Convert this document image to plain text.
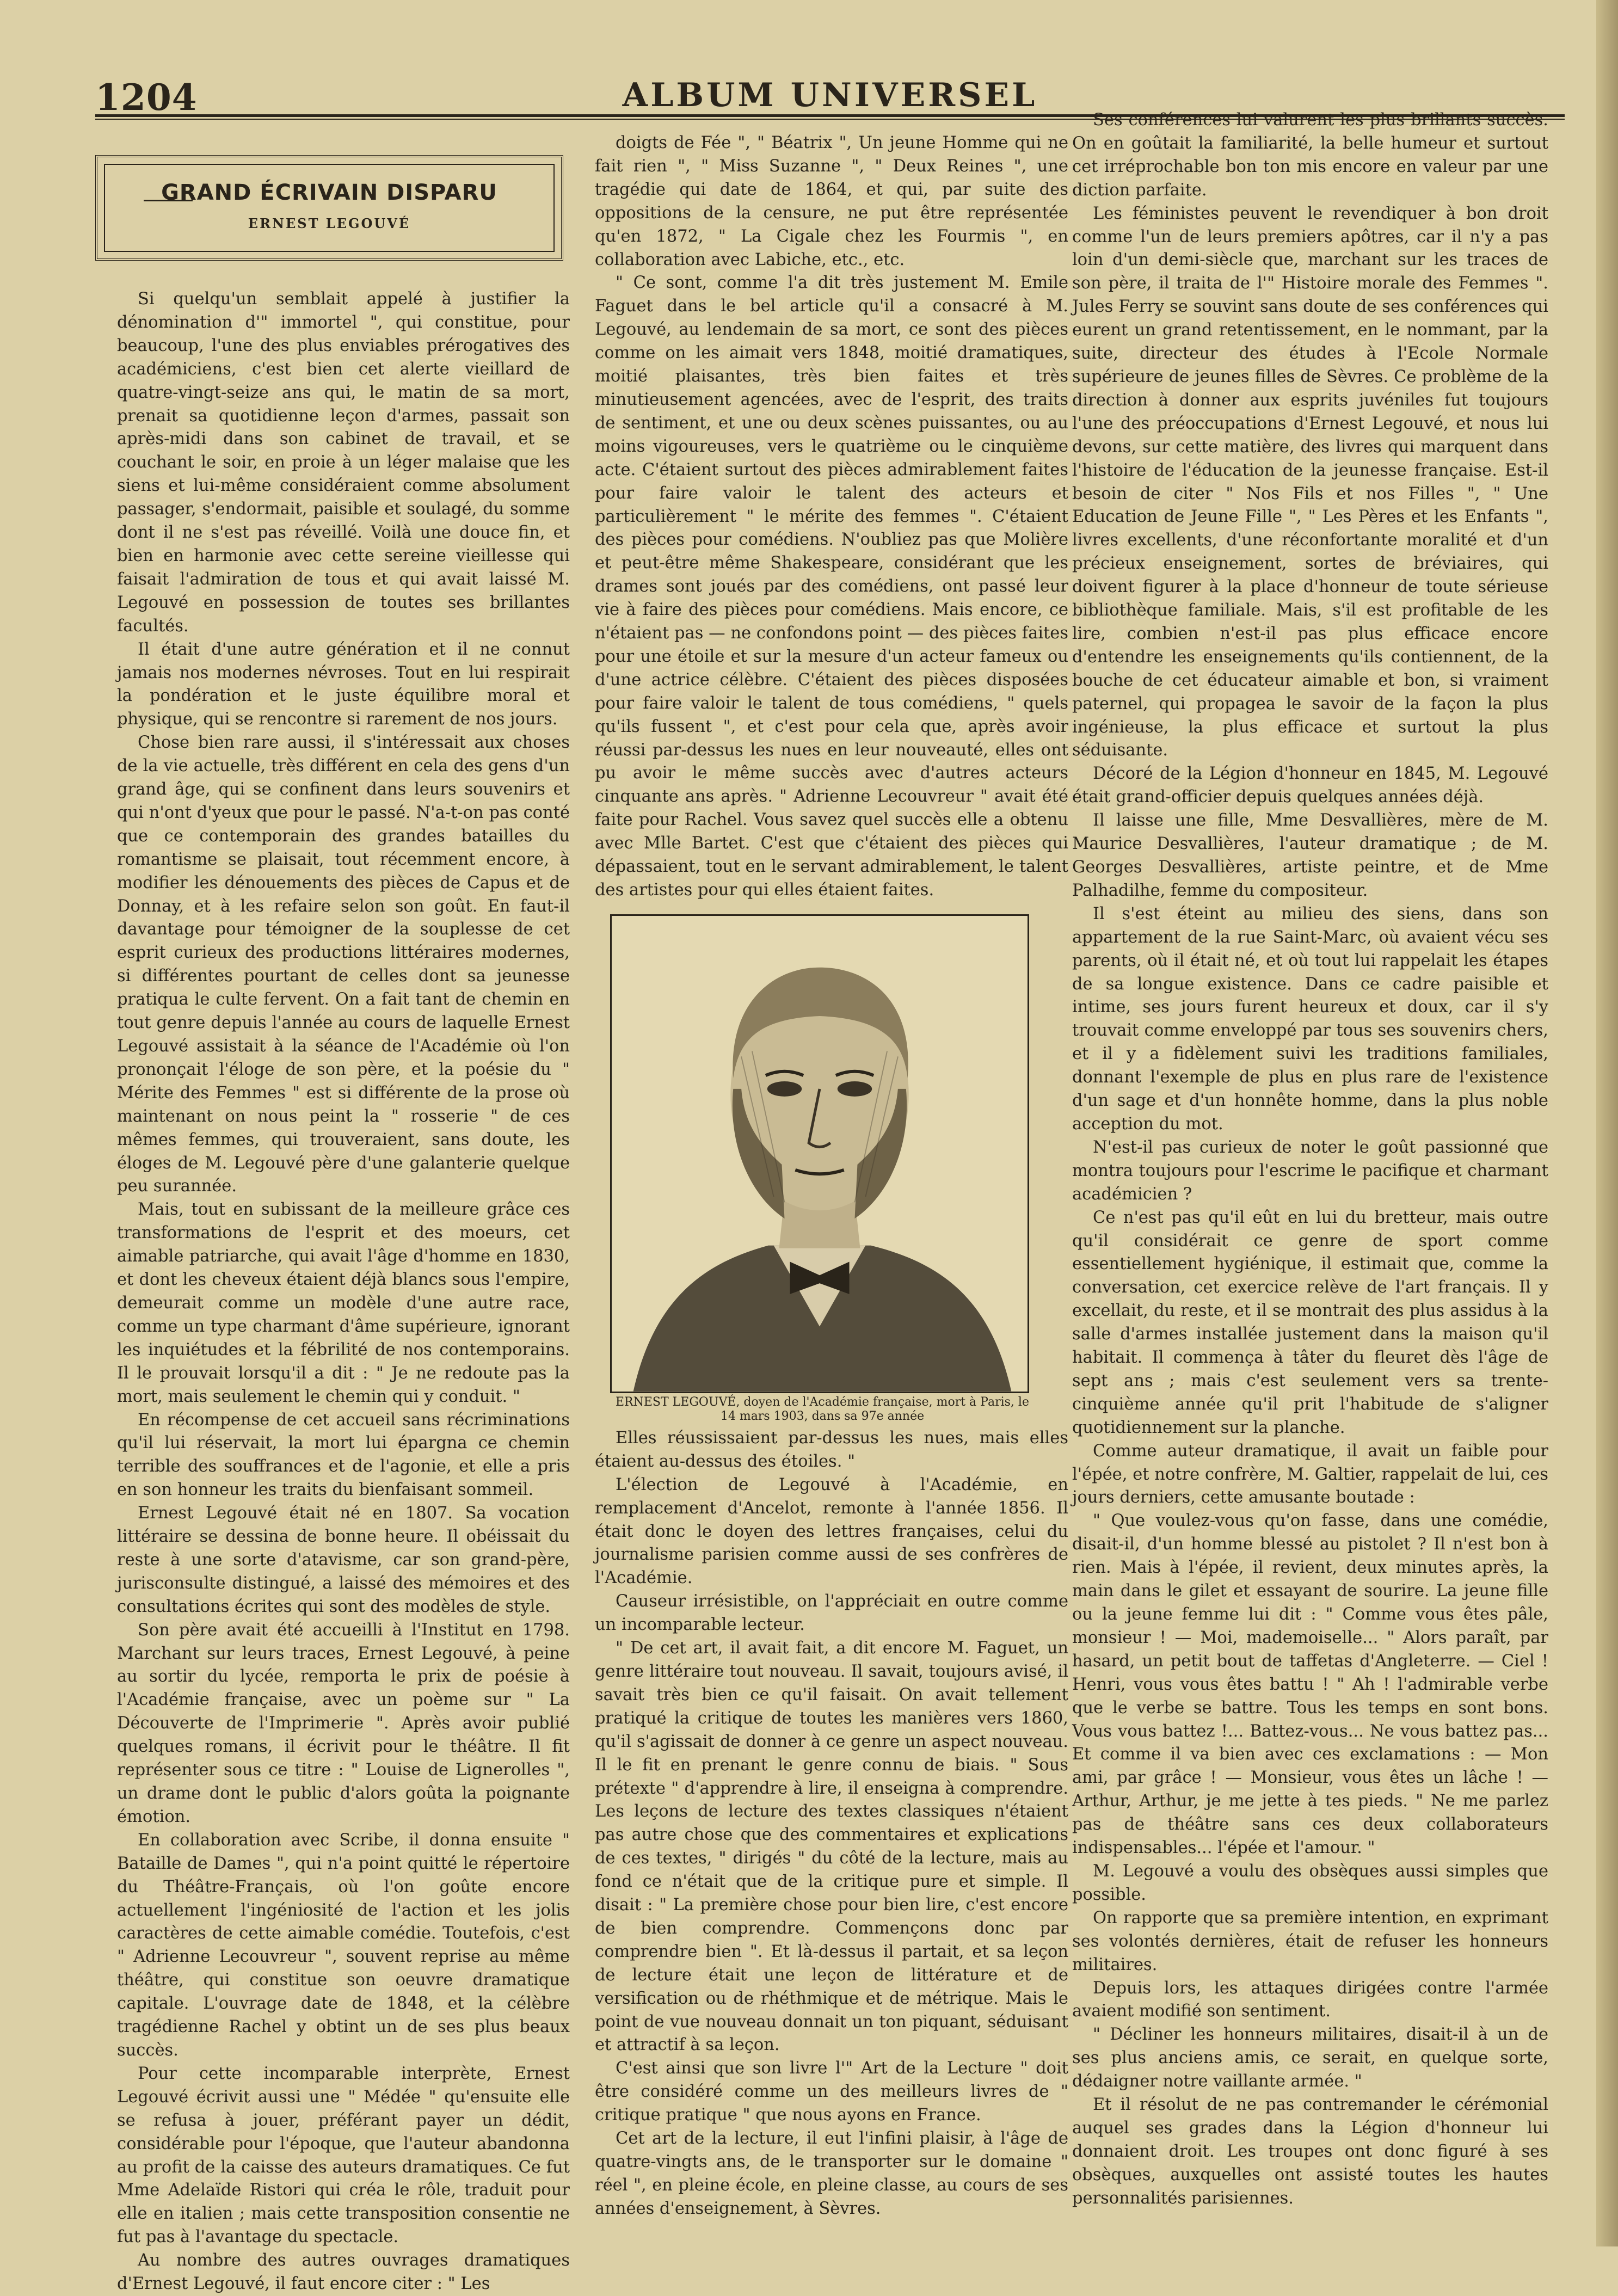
ALBUM UNIVERSEL
1204
GRAND ÉCRIVAIN DISPARU
ERNEST LEGOUVÉ

Si quelqu'un semblait appelé à justifier la dénomination d'" immortel ", qui constitue, pour beaucoup, l'une des plus enviables prérogatives des académiciens, c'est bien cet alerte vieillard de quatre-vingt-seize ans qui, le matin de sa mort, prenait sa quotidienne leçon d'armes, passait son après-midi dans son cabinet de travail, et se couchant le soir, en proie à un léger malaise que les siens et lui-même considéraient comme absolument passager, s'endormait, paisible et soulagé, du somme dont il ne s'est pas réveillé. Voilà une douce fin, et bien en harmonie avec cette sereine vieillesse qui faisait l'admiration de tous et qui avait laissé M. Legouvé en possession de toutes ses brillantes facultés.

Il était d'une autre génération et il ne connut jamais nos modernes névroses. Tout en lui respirait la pondération et le juste équilibre moral et physique, qui se rencontre si rarement de nos jours.

Chose bien rare aussi, il s'intéressait aux choses de la vie actuelle, très différent en cela des gens d'un grand âge, qui se confinent dans leurs souvenirs et qui n'ont d'yeux que pour le passé. N'a-t-on pas conté que ce contemporain des grandes batailles du romantisme se plaisait, tout récemment encore, à modifier les dénouements des pièces de Capus et de Donnay, et à les refaire selon son goût. En faut-il davantage pour témoigner de la souplesse de cet esprit curieux des productions littéraires modernes, si différentes pourtant de celles dont sa jeunesse pratiqua le culte fervent. On a fait tant de chemin en tout genre depuis l'année au cours de laquelle Ernest Legouvé assistait à la séance de l'Académie où l'on prononçait l'éloge de son père, et la poésie du " Mérite des Femmes " est si différente de la prose où maintenant on nous peint la " rosserie " de ces mêmes femmes, qui trouveraient, sans doute, les éloges de M. Legouvé père d'une galanterie quelque peu surannée.

Mais, tout en subissant de la meilleure grâce ces transformations de l'esprit et des moeurs, cet aimable patriarche, qui avait l'âge d'homme en 1830, et dont les cheveux étaient déjà blancs sous l'empire, demeurait comme un modèle d'une autre race, comme un type charmant d'âme supérieure, ignorant les inquiétudes et la fébrilité de nos contemporains. Il le prouvait lorsqu'il a dit : " Je ne redoute pas la mort, mais seulement le chemin qui y conduit. "

En récompense de cet accueil sans récriminations qu'il lui réservait, la mort lui épargna ce chemin terrible des souffrances et de l'agonie, et elle a pris en son honneur les traits du bienfaisant sommeil.

Ernest Legouvé était né en 1807. Sa vocation littéraire se dessina de bonne heure. Il obéissait du reste à une sorte d'atavisme, car son grand-père, jurisconsulte distingué, a laissé des mémoires et des consultations écrites qui sont des modèles de style.

Son père avait été accueilli à l'Institut en 1798. Marchant sur leurs traces, Ernest Legouvé, à peine au sortir du lycée, remporta le prix de poésie à l'Académie française, avec un poème sur " La Découverte de l'Imprimerie ". Après avoir publié quelques romans, il écrivit pour le théâtre. Il fit représenter sous ce titre : " Louise de Lignerolles ", un drame dont le public d'alors goûta la poignante émotion.

En collaboration avec Scribe, il donna ensuite " Bataille de Dames ", qui n'a point quitté le répertoire du Théâtre-Français, où l'on goûte encore actuellement l'ingéniosité de l'action et les jolis caractères de cette aimable comédie. Toutefois, c'est " Adrienne Lecouvreur ", souvent reprise au même théâtre, qui constitue son oeuvre dramatique capitale. L'ouvrage date de 1848, et la célèbre tragédienne Rachel y obtint un de ses plus beaux succès.

Pour cette incomparable interprète, Ernest Legouvé écrivit aussi une " Médée " qu'ensuite elle se refusa à jouer, préférant payer un dédit, considérable pour l'époque, que l'auteur abandonna au profit de la caisse des auteurs dramatiques. Ce fut Mme Adelaïde Ristori qui créa le rôle, traduit pour elle en italien ; mais cette transposition consentie ne fut pas à l'avantage du spectacle.

Au nombre des autres ouvrages dramatiques d'Ernest Legouvé, il faut encore citer : " Les

doigts de Fée ", " Béatrix ", Un jeune Homme qui ne fait rien ", " Miss Suzanne ", " Deux Reines ", une tragédie qui date de 1864, et qui, par suite des oppositions de la censure, ne put être représentée qu'en 1872, " La Cigale chez les Fourmis ", en collaboration avec Labiche, etc., etc.

" Ce sont, comme l'a dit très justement M. Emile Faguet dans le bel article qu'il a consacré à M. Legouvé, au lendemain de sa mort, ce sont des pièces comme on les aimait vers 1848, moitié dramatiques, moitié plaisantes, très bien faites et très minutieusement agencées, avec de l'esprit, des traits de sentiment, et une ou deux scènes puissantes, ou au moins vigoureuses, vers le quatrième ou le cinquième acte. C'étaient surtout des pièces admirablement faites pour faire valoir le talent des acteurs et particulièrement " le mérite des femmes ". C'étaient des pièces pour comédiens. N'oubliez pas que Molière et peut-être même Shakespeare, considérant que les drames sont joués par des comédiens, ont passé leur vie à faire des pièces pour comédiens. Mais encore, ce n'étaient pas — ne confondons point — des pièces faites pour une étoile et sur la mesure d'un acteur fameux ou d'une actrice célèbre. C'étaient des pièces disposées pour faire valoir le talent de tous comédiens, " quels qu'ils fussent ", et c'est pour cela que, après avoir réussi par-dessus les nues en leur nouveauté, elles ont pu avoir le même succès avec d'autres acteurs cinquante ans après. " Adrienne Lecouvreur " avait été faite pour Rachel. Vous savez quel succès elle a obtenu avec Mlle Bartet. C'est que c'étaient des pièces qui dépassaient, tout en le servant admirablement, le talent des artistes pour qui elles étaient faites.

ERNEST LEGOUVÉ, doyen de l'Académie française, mort à Paris, le 14 mars 1903, dans sa 97e année

Elles réussissaient par-dessus les nues, mais elles étaient au-dessus des étoiles. "

L'élection de Legouvé à l'Académie, en remplacement d'Ancelot, remonte à l'année 1856. Il était donc le doyen des lettres françaises, celui du journalisme parisien comme aussi de ses confrères de l'Académie.

Causeur irrésistible, on l'appréciait en outre comme un incomparable lecteur.

" De cet art, il avait fait, a dit encore M. Faguet, un genre littéraire tout nouveau. Il savait, toujours avisé, il savait très bien ce qu'il faisait. On avait tellement pratiqué la critique de toutes les manières vers 1860, qu'il s'agissait de donner à ce genre un aspect nouveau. Il le fit en prenant le genre connu de biais. " Sous prétexte " d'apprendre à lire, il enseigna à comprendre. Les leçons de lecture des textes classiques n'étaient pas autre chose que des commentaires et explications de ces textes, " dirigés " du côté de la lecture, mais au fond ce n'était que de la critique pure et simple. Il disait : " La première chose pour bien lire, c'est encore de bien comprendre. Commençons donc par comprendre bien ". Et là-dessus il partait, et sa leçon de lecture était une leçon de littérature et de versification ou de rhéthmique et de métrique. Mais le point de vue nouveau donnait un ton piquant, séduisant et attractif à sa leçon.

C'est ainsi que son livre l'" Art de la Lecture " doit être considéré comme un des meilleurs livres de " critique pratique " que nous ayons en France.

Cet art de la lecture, il eut l'infini plaisir, à l'âge de quatre-vingts ans, de le transporter sur le domaine " réel ", en pleine école, en pleine classe, au cours de ses années d'enseignement, à Sèvres.

Ses conférences lui valurent les plus brillants succès. On en goûtait la familiarité, la belle humeur et surtout cet irréprochable bon ton mis encore en valeur par une diction parfaite.

Les féministes peuvent le revendiquer à bon droit comme l'un de leurs premiers apôtres, car il n'y a pas loin d'un demi-siècle que, marchant sur les traces de son père, il traita de l'" Histoire morale des Femmes ". Jules Ferry se souvint sans doute de ses conférences qui eurent un grand retentissement, en le nommant, par la suite, directeur des études à l'Ecole Normale supérieure de jeunes filles de Sèvres. Ce problème de la direction à donner aux esprits juvéniles fut toujours l'une des préoccupations d'Ernest Legouvé, et nous lui devons, sur cette matière, des livres qui marquent dans l'histoire de l'éducation de la jeunesse française. Est-il besoin de citer " Nos Fils et nos Filles ", " Une Education de Jeune Fille ", " Les Pères et les Enfants ", livres excellents, d'une réconfortante moralité et d'un précieux enseignement, sortes de bréviaires, qui doivent figurer à la place d'honneur de toute sérieuse bibliothèque familiale. Mais, s'il est profitable de les lire, combien n'est-il pas plus efficace encore d'entendre les enseignements qu'ils contiennent, de la bouche de cet éducateur aimable et bon, si vraiment paternel, qui propagea le savoir de la façon la plus ingénieuse, la plus efficace et surtout la plus séduisante.

Décoré de la Légion d'honneur en 1845, M. Legouvé était grand-officier depuis quelques années déjà.

Il laisse une fille, Mme Desvallières, mère de M. Maurice Desvallières, l'auteur dramatique ; de M. Georges Desvallières, artiste peintre, et de Mme Palhadilhe, femme du compositeur.

Il s'est éteint au milieu des siens, dans son appartement de la rue Saint-Marc, où avaient vécu ses parents, où il était né, et où tout lui rappelait les étapes de sa longue existence. Dans ce cadre paisible et intime, ses jours furent heureux et doux, car il s'y trouvait comme enveloppé par tous ses souvenirs chers, et il y a fidèlement suivi les traditions familiales, donnant l'exemple de plus en plus rare de l'existence d'un sage et d'un honnête homme, dans la plus noble acception du mot.

N'est-il pas curieux de noter le goût passionné que montra toujours pour l'escrime le pacifique et charmant académicien ?

Ce n'est pas qu'il eût en lui du bretteur, mais outre qu'il considérait ce genre de sport comme essentiellement hygiénique, il estimait que, comme la conversation, cet exercice relève de l'art français. Il y excellait, du reste, et il se montrait des plus assidus à la salle d'armes installée justement dans la maison qu'il habitait. Il commença à tâter du fleuret dès l'âge de sept ans ; mais c'est seulement vers sa trente-cinquième année qu'il prit l'habitude de s'aligner quotidiennement sur la planche.

Comme auteur dramatique, il avait un faible pour l'épée, et notre confrère, M. Galtier, rappelait de lui, ces jours derniers, cette amusante boutade :

" Que voulez-vous qu'on fasse, dans une comédie, disait-il, d'un homme blessé au pistolet ? Il n'est bon à rien. Mais à l'épée, il revient, deux minutes après, la main dans le gilet et essayant de sourire. La jeune fille ou la jeune femme lui dit : " Comme vous êtes pâle, monsieur ! — Moi, mademoiselle... " Alors paraît, par hasard, un petit bout de taffetas d'Angleterre. — Ciel ! Henri, vous vous êtes battu ! " Ah ! l'admirable verbe que le verbe se battre. Tous les temps en sont bons. Vous vous battez !... Battez-vous... Ne vous battez pas... Et comme il va bien avec ces exclamations : — Mon ami, par grâce ! — Monsieur, vous êtes un lâche ! — Arthur, Arthur, je me jette à tes pieds. " Ne me parlez pas de théâtre sans ces deux collaborateurs indispensables... l'épée et l'amour. "

M. Legouvé a voulu des obsèques aussi simples que possible.

On rapporte que sa première intention, en exprimant ses volontés dernières, était de refuser les honneurs militaires.

Depuis lors, les attaques dirigées contre l'armée avaient modifié son sentiment.

" Décliner les honneurs militaires, disait-il à un de ses plus anciens amis, ce serait, en quelque sorte, dédaigner notre vaillante armée. "

Et il résolut de ne pas contremander le cérémonial auquel ses grades dans la Légion d'honneur lui donnaient droit. Les troupes ont donc figuré à ses obsèques, auxquelles ont assisté toutes les hautes personnalités parisiennes.
